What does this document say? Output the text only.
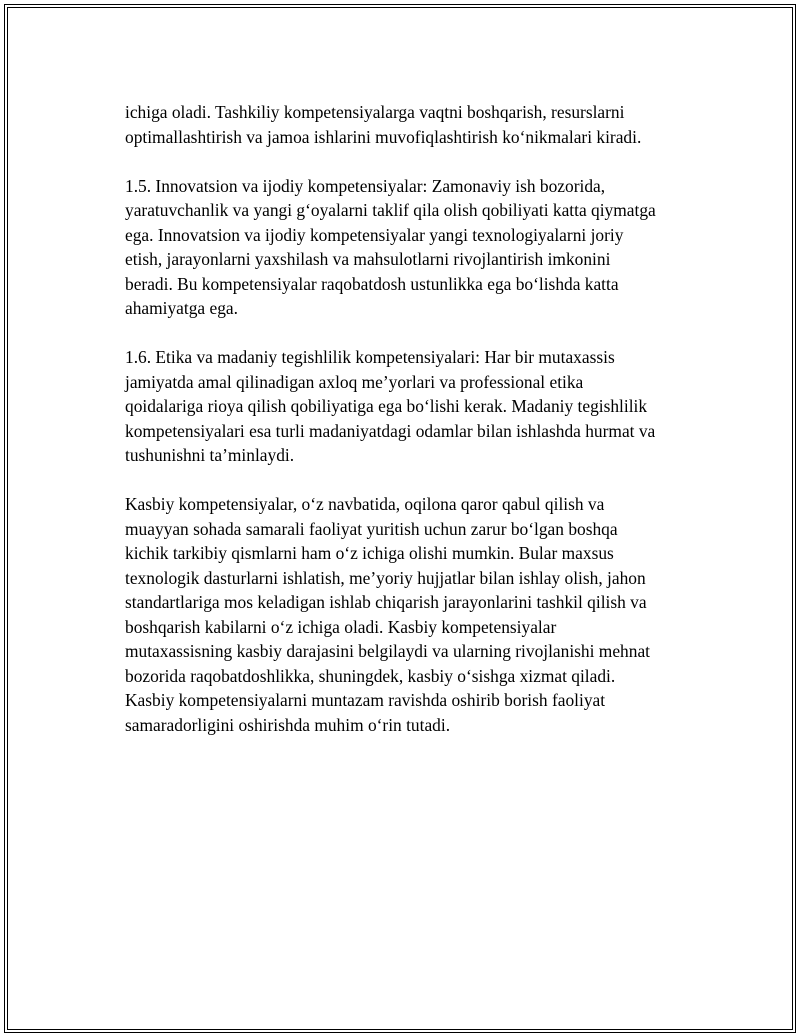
ichiga oladi. Tashkiliy kompetensiyalarga vaqtni boshqarish, resurslarni

optimallashtirish va jamoa ishlarini muvofiqlashtirish ko‘nikmalari kiradi.

1.5. Innovatsion va ijodiy kompetensiyalar: Zamonaviy ish bozorida,

yaratuvchanlik va yangi g‘oyalarni taklif qila olish qobiliyati katta qiymatga

ega. Innovatsion va ijodiy kompetensiyalar yangi texnologiyalarni joriy

etish, jarayonlarni yaxshilash va mahsulotlarni rivojlantirish imkonini

beradi. Bu kompetensiyalar raqobatdosh ustunlikka ega bo‘lishda katta

ahamiyatga ega.

1.6. Etika va madaniy tegishlilik kompetensiyalari: Har bir mutaxassis

jamiyatda amal qilinadigan axloq me’yorlari va professional etika

qoidalariga rioya qilish qobiliyatiga ega bo‘lishi kerak. Madaniy tegishlilik

kompetensiyalari esa turli madaniyatdagi odamlar bilan ishlashda hurmat va

tushunishni ta’minlaydi.

Kasbiy kompetensiyalar, o‘z navbatida, oqilona qaror qabul qilish va

muayyan sohada samarali faoliyat yuritish uchun zarur bo‘lgan boshqa

kichik tarkibiy qismlarni ham o‘z ichiga olishi mumkin. Bular maxsus

texnologik dasturlarni ishlatish, me’yoriy hujjatlar bilan ishlay olish, jahon

standartlariga mos keladigan ishlab chiqarish jarayonlarini tashkil qilish va

boshqarish kabilarni o‘z ichiga oladi. Kasbiy kompetensiyalar

mutaxassisning kasbiy darajasini belgilaydi va ularning rivojlanishi mehnat

bozorida raqobatdoshlikka, shuningdek, kasbiy o‘sishga xizmat qiladi.

Kasbiy kompetensiyalarni muntazam ravishda oshirib borish faoliyat

samaradorligini oshirishda muhim o‘rin tutadi.
